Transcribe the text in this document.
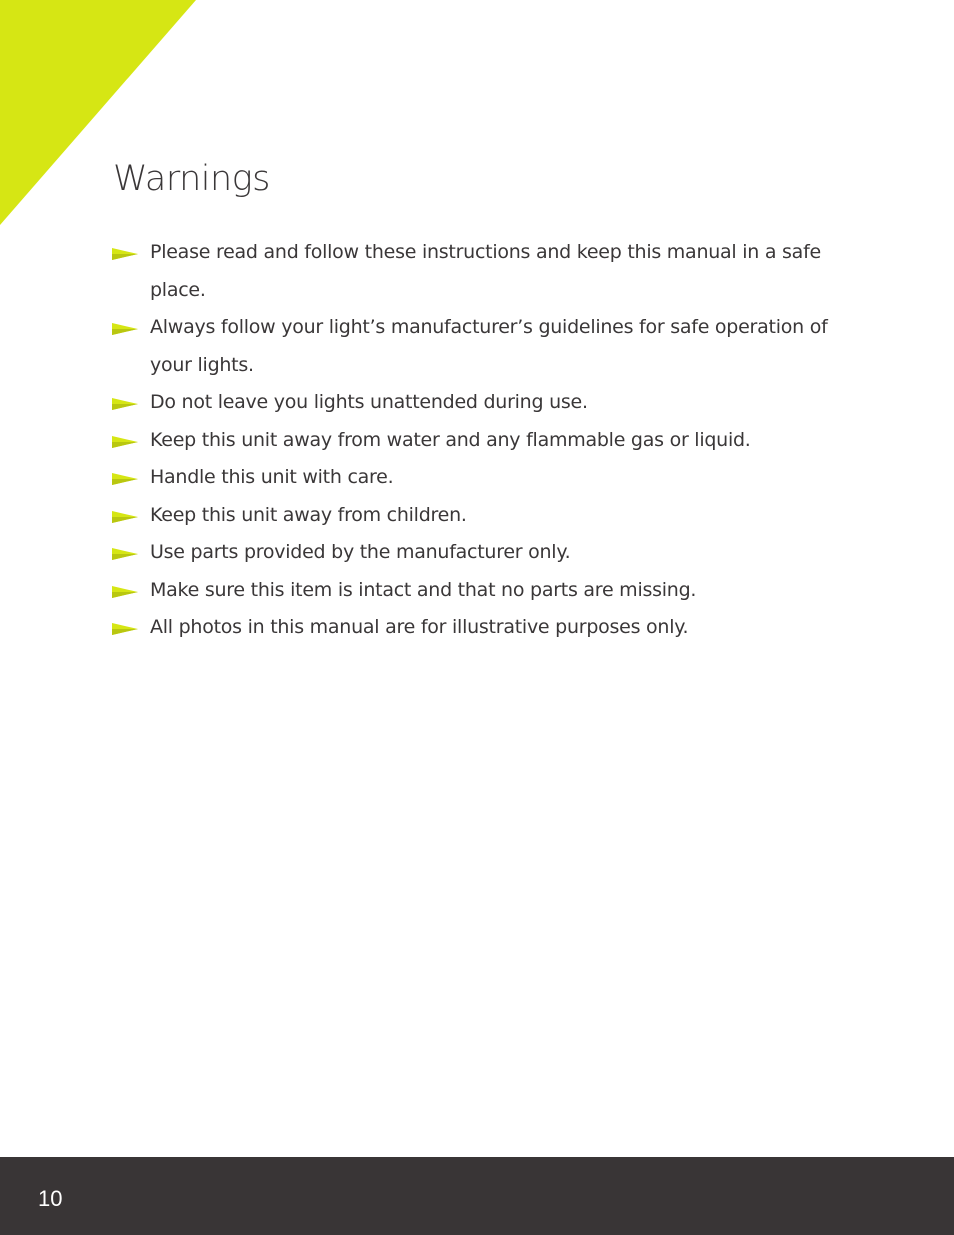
Warnings
Please read and follow these instructions and keep this manual in a safe place.
Always follow your light’s manufacturer’s guidelines for safe operation of your lights.
Do not leave you lights unattended during use.
Keep this unit away from water and any flammable gas or liquid.
Handle this unit with care.
Keep this unit away from children.
Use parts provided by the manufacturer only.
Make sure this item is intact and that no parts are missing.
All photos in this manual are for illustrative purposes only.
10
